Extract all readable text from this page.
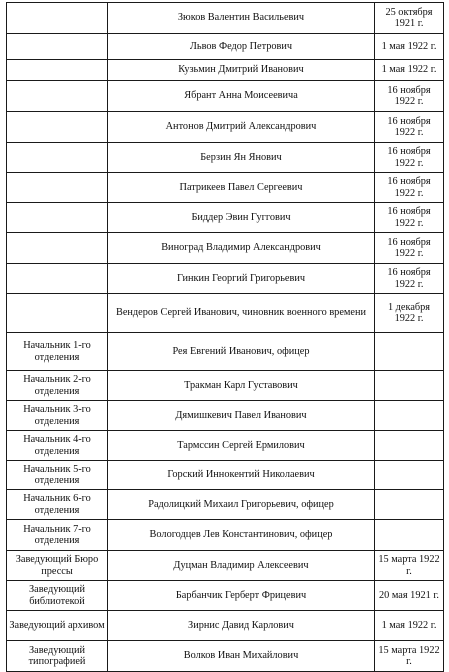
	Зюков Валентин Васильевич	25 октября 1921 г.
	Львов Федор Петрович	1 мая 1922 г.
	Кузьмин Дмитрий Иванович	1 мая 1922 г.
	Ябрант Анна Моисеевича	16 ноября 1922 г.
	Антонов Дмитрий Александрович	16 ноября 1922 г.
	Берзин Ян Янович	16 ноября 1922 г.
	Патрикеев Павел Сергеевич	16 ноября 1922 г.
	Биддер Эвин Гуггович	16 ноября 1922 г.
	Виноград Владимир Александрович	16 ноября 1922 г.
	Гинкин Георгий Григорьевич	16 ноября 1922 г.
	Вендеров Сергей Иванович, чиновник военного времени	1 декабря 1922 г.
Начальник 1-го отделения	Рея Евгений Иванович, офицер	
Начальник 2-го отделения	Тракман Карл Густавович	
Начальник 3-го отделения	Дямишкевич Павел Иванович	
Начальник 4-го отделения	Тармссин Сергей Ермилович	
Начальник 5-го отделения	Горский Иннокентий Николаевич	
Начальник 6-го отделения	Радолицкий Михаил Григорьевич, офицер	
Начальник 7-го отделения	Вологодцев Лев Константинович, офицер	
Заведующий Бюро прессы	Дуцман Владимир Алексеевич	15 марта 1922 г.
Заведующий библиотекой	Барбанчик Герберт Фрицевич	20 мая 1921 г.
Заведующий архивом	Зирнис Давид Карлович	1 мая 1922 г.
Заведующий типографией	Волков Иван Михайлович	15 марта 1922 г.
